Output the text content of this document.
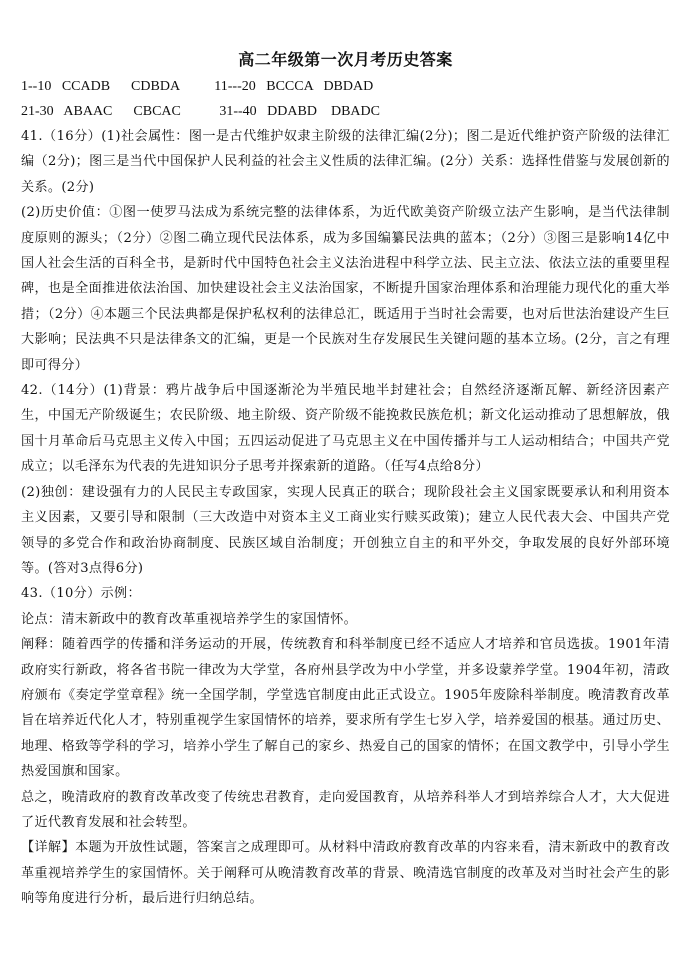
高二年级第一次月考历史答案
1--10   CCADB      CDBDA          11---20   BCCCA   DBDAD
21-30   ABAAC      CBCAC           31--40   DDABD    DBADC

41.（16分）(1)社会属性：图一是古代维护奴隶主阶级的法律汇编(2分)；图二是近代维护资产阶级的法律汇编（2分)；图三是当代中国保护人民利益的社会主义性质的法律汇编。(2分）关系：选择性借鉴与发展创新的关系。(2分)

(2)历史价值：①图一使罗马法成为系统完整的法律体系，为近代欧美资产阶级立法产生影响，是当代法律制度原则的源头；（2分）②图二确立现代民法体系，成为多国编纂民法典的蓝本；（2分）③图三是影响14亿中国人社会生活的百科全书，是新时代中国特色社会主义法治进程中科学立法、民主立法、依法立法的重要里程碑，也是全面推进依法治国、加快建设社会主义法治国家，不断提升国家治理体系和治理能力现代化的重大举措；（2分）④本题三个民法典都是保护私权利的法律总汇，既适用于当时社会需要，也对后世法治建设产生巨大影响；民法典不只是法律条文的汇编，更是一个民族对生存发展民生关键问题的基本立场。(2分，言之有理即可得分）

42.（14分）(1)背景：鸦片战争后中国逐渐沦为半殖民地半封建社会；自然经济逐渐瓦解、新经济因素产生，中国无产阶级诞生；农民阶级、地主阶级、资产阶级不能挽救民族危机；新文化运动推动了思想解放，俄国十月革命后马克思主义传入中国；五四运动促进了马克思主义在中国传播并与工人运动相结合；中国共产党成立；以毛泽东为代表的先进知识分子思考并探索新的道路。（任写4点给8分）

(2)独创：建设强有力的人民民主专政国家，实现人民真正的联合；现阶段社会主义国家既要承认和利用资本主义因素，又要引导和限制（三大改造中对资本主义工商业实行赎买政策)；建立人民代表大会、中国共产党领导的多党合作和政治协商制度、民族区域自治制度；开创独立自主的和平外交，争取发展的良好外部环境等。(答对3点得6分)

43.（10分）示例：

论点：清末新政中的教育改革重视培养学生的家国情怀。

阐释：随着西学的传播和洋务运动的开展，传统教育和科举制度已经不适应人才培养和官员选拔。1901年清政府实行新政，将各省书院一律改为大学堂，各府州县学改为中小学堂，并多设蒙养学堂。1904年初，清政府颁布《奏定学堂章程》统一全国学制，学堂选官制度由此正式设立。1905年废除科举制度。晚清教育改革旨在培养近代化人才，特别重视学生家国情怀的培养，要求所有学生七岁入学，培养爱国的根基。通过历史、地理、格致等学科的学习，培养小学生了解自己的家乡、热爱自己的国家的情怀；在国文教学中，引导小学生热爱国旗和国家。

总之，晚清政府的教育改革改变了传统忠君教育，走向爱国教育，从培养科举人才到培养综合人才，大大促进了近代教育发展和社会转型。

【详解】本题为开放性试题，答案言之成理即可。从材料中清政府教育改革的内容来看，清末新政中的教育改革重视培养学生的家国情怀。关于阐释可从晚清教育改革的背景、晚清选官制度的改革及对当时社会产生的影响等角度进行分析，最后进行归纳总结。
